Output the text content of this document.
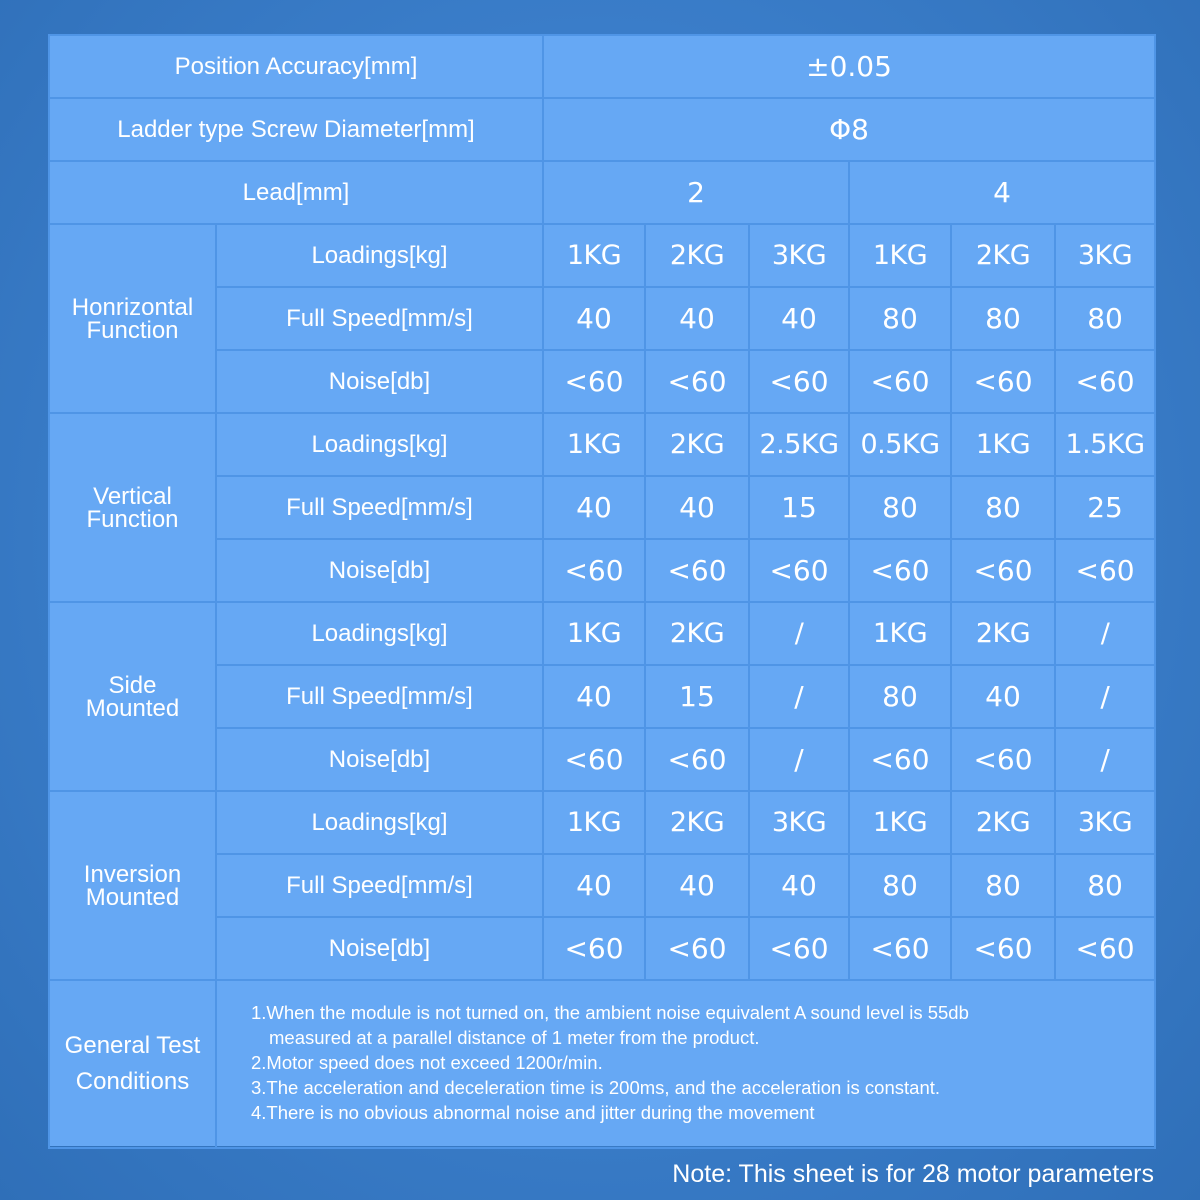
Position Accuracy[mm]		±0.05					
Ladder type Screw Diameter[mm]		Φ8					
Lead[mm]		2			4		

Honrizontal
Function	Loadings[kg]	1KG	2KG	3KG	1KG	2KG	3KG
	Full Speed[mm/s]	40	40	40	80	80	80
	Noise[db]	<60	<60	<60	<60	<60	<60

Vertical
Function	Loadings[kg]	1KG	2KG	2.5KG	0.5KG	1KG	1.5KG
	Full Speed[mm/s]	40	40	15	80	80	25
	Noise[db]	<60	<60	<60	<60	<60	<60

Side
Mounted	Loadings[kg]	1KG	2KG	/	1KG	2KG	/
	Full Speed[mm/s]	40	15	/	80	40	/
	Noise[db]	<60	<60	/	<60	<60	/

Inversion
Mounted	Loadings[kg]	1KG	2KG	3KG	1KG	2KG	3KG
	Full Speed[mm/s]	40	40	40	80	80	80
	Noise[db]	<60	<60	<60	<60	<60	<60

General Test
Conditions	1.When the module is not turned on, the ambient noise equivalent A sound level is 55db
measured at a parallel distance of 1 meter from the product.
2.Motor speed does not exceed 1200r/min.
3.The acceleration and deceleration time is 200ms, and the acceleration is constant.
4.There is no obvious abnormal noise and jitter during the movement						
Note: This sheet is for 28 motor parameters
